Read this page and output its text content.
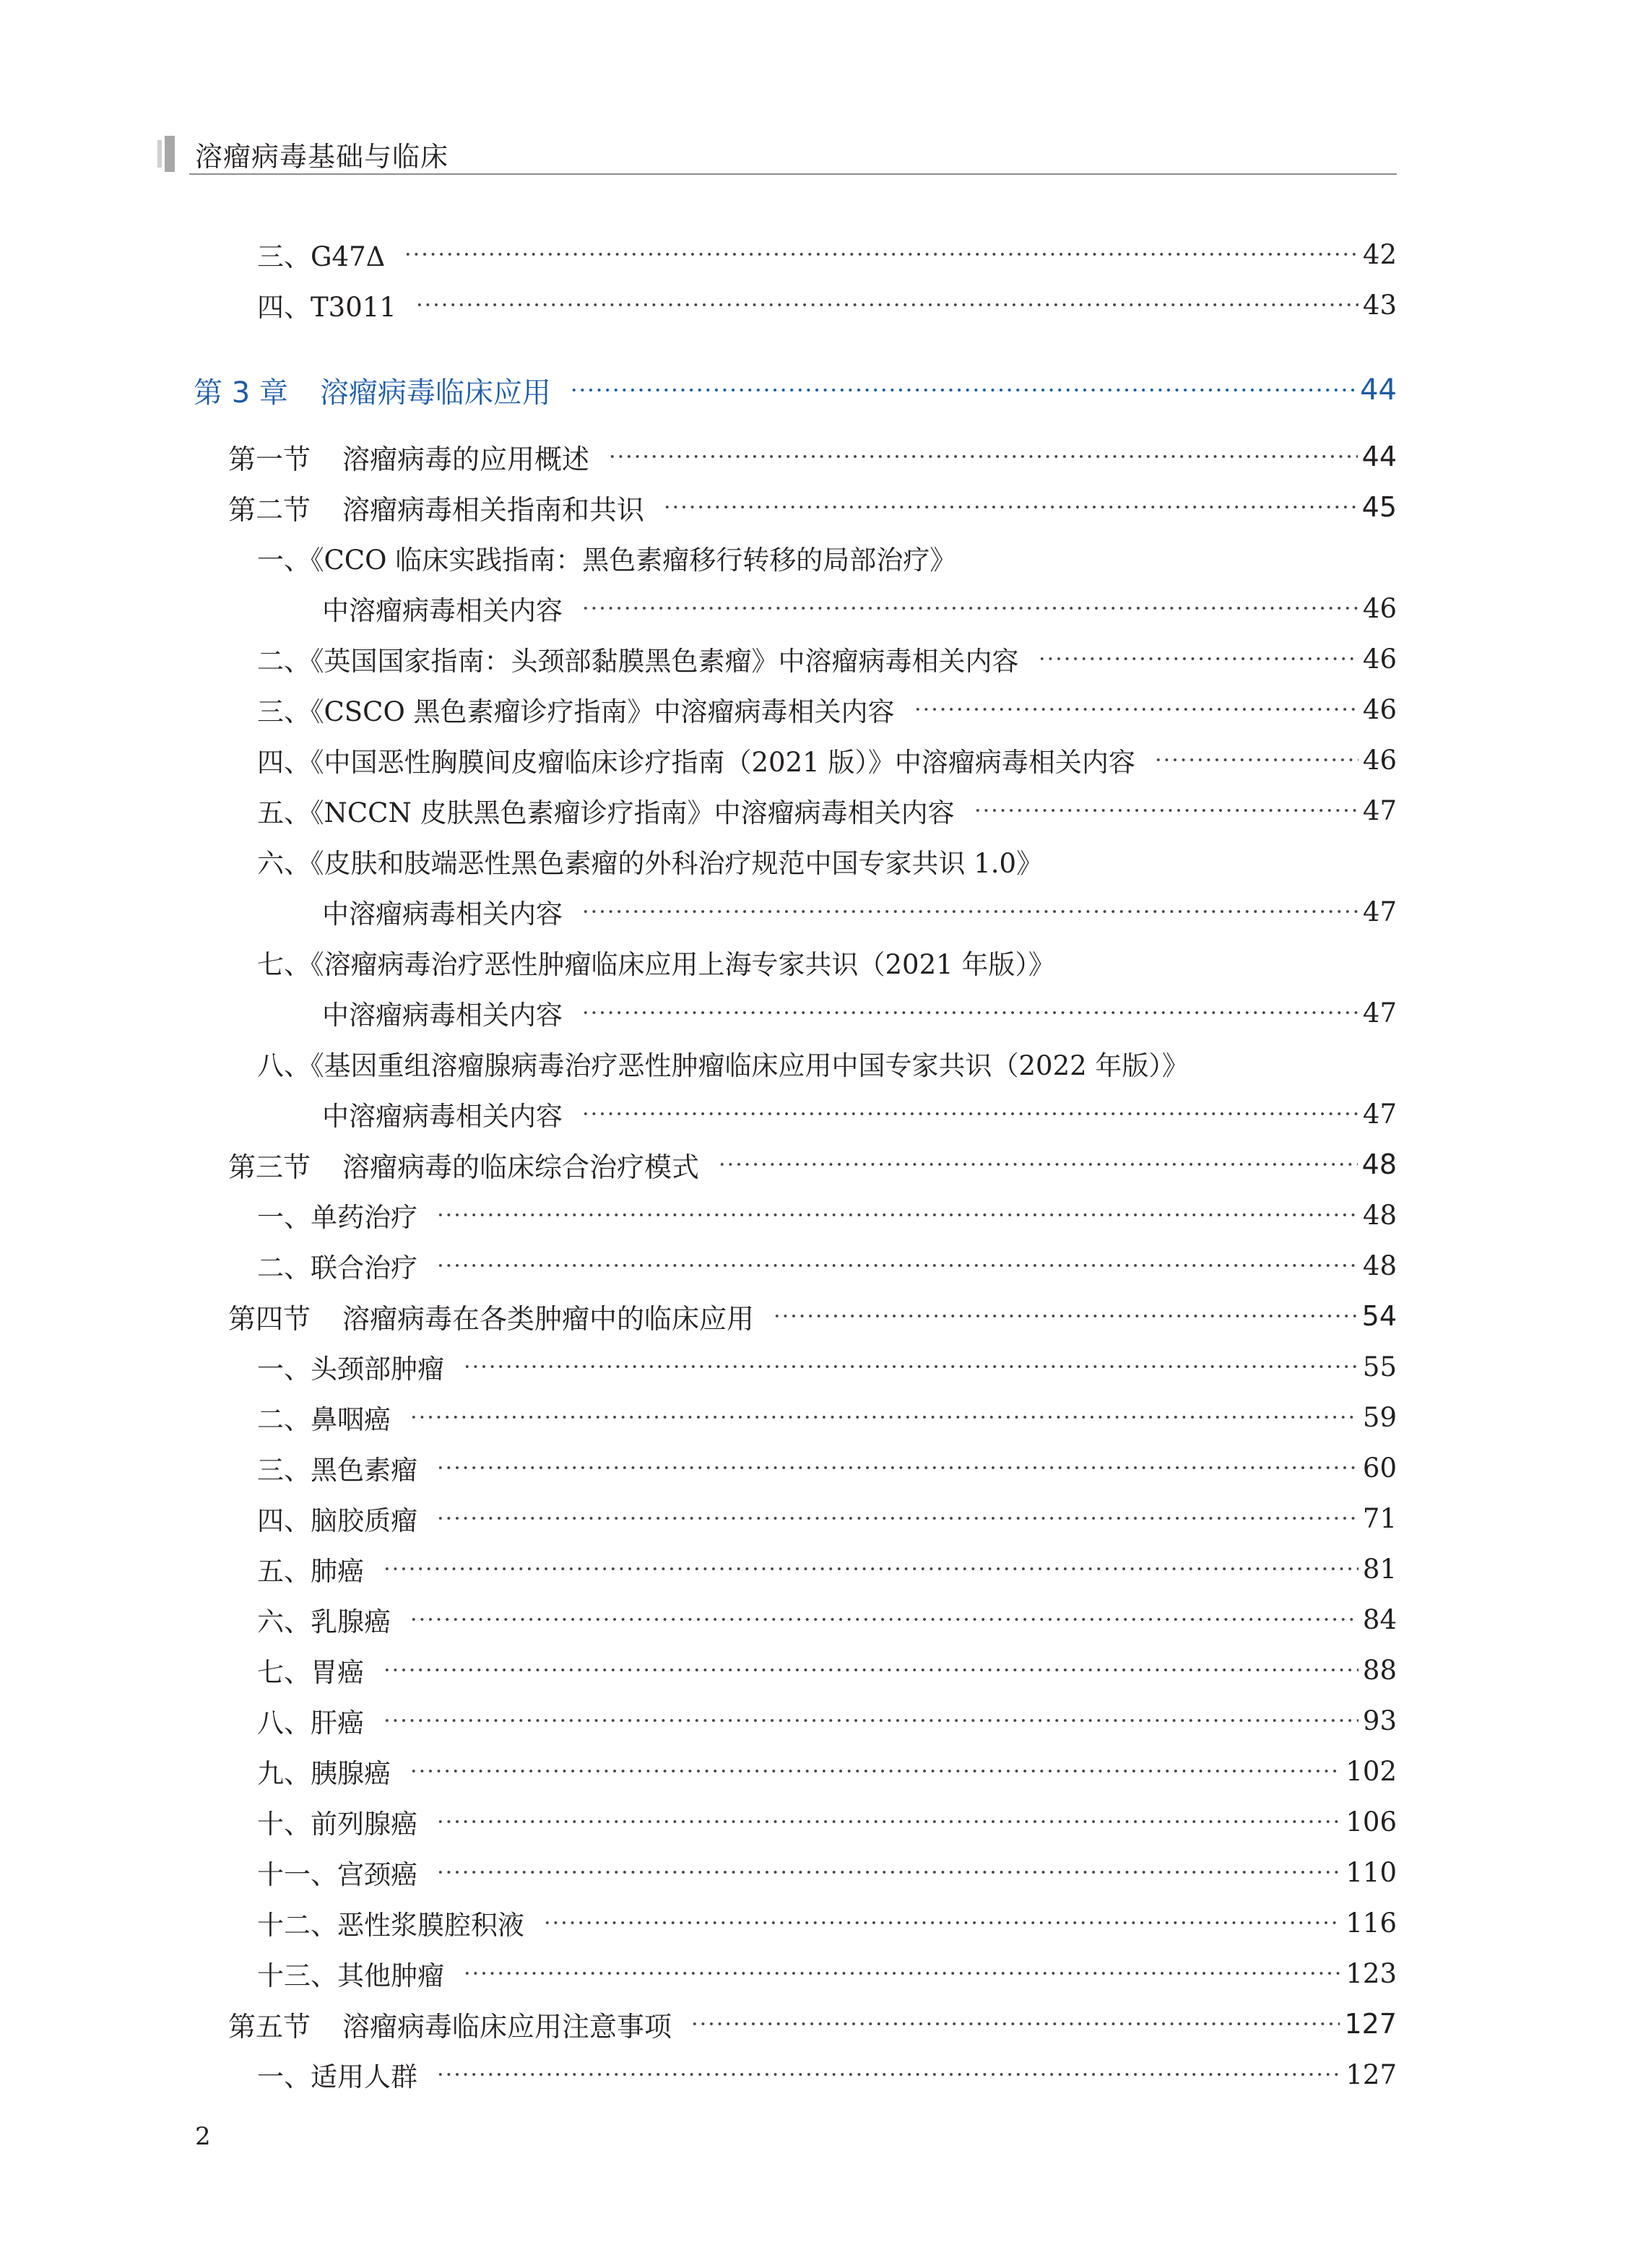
溶瘤病毒基础与临床
三、G47Δ	42
四、T3011	43
第 3 章 溶瘤病毒临床应用	44
第一节 溶瘤病毒的应用概述	44
第二节 溶瘤病毒相关指南和共识	45
一、《CCO 临床实践指南：黑色素瘤移行转移的局部治疗》
中溶瘤病毒相关内容	46
二、《英国国家指南：头颈部黏膜黑色素瘤》中溶瘤病毒相关内容	46
三、《CSCO 黑色素瘤诊疗指南》中溶瘤病毒相关内容	46
四、《中国恶性胸膜间皮瘤临床诊疗指南（2021 版）》中溶瘤病毒相关内容	46
五、《NCCN 皮肤黑色素瘤诊疗指南》中溶瘤病毒相关内容	47
六、《皮肤和肢端恶性黑色素瘤的外科治疗规范中国专家共识 1.0》
中溶瘤病毒相关内容	47
七、《溶瘤病毒治疗恶性肿瘤临床应用上海专家共识（2021 年版）》
中溶瘤病毒相关内容	47
八、《基因重组溶瘤腺病毒治疗恶性肿瘤临床应用中国专家共识（2022 年版）》
中溶瘤病毒相关内容	47
第三节 溶瘤病毒的临床综合治疗模式	48
一、单药治疗	48
二、联合治疗	48
第四节 溶瘤病毒在各类肿瘤中的临床应用	54
一、头颈部肿瘤	55
二、鼻咽癌	59
三、黑色素瘤	60
四、脑胶质瘤	71
五、肺癌	81
六、乳腺癌	84
七、胃癌	88
八、肝癌	93
九、胰腺癌	102
十、前列腺癌	106
十一、宫颈癌	110
十二、恶性浆膜腔积液	116
十三、其他肿瘤	123
第五节 溶瘤病毒临床应用注意事项	127
一、适用人群	127
2
